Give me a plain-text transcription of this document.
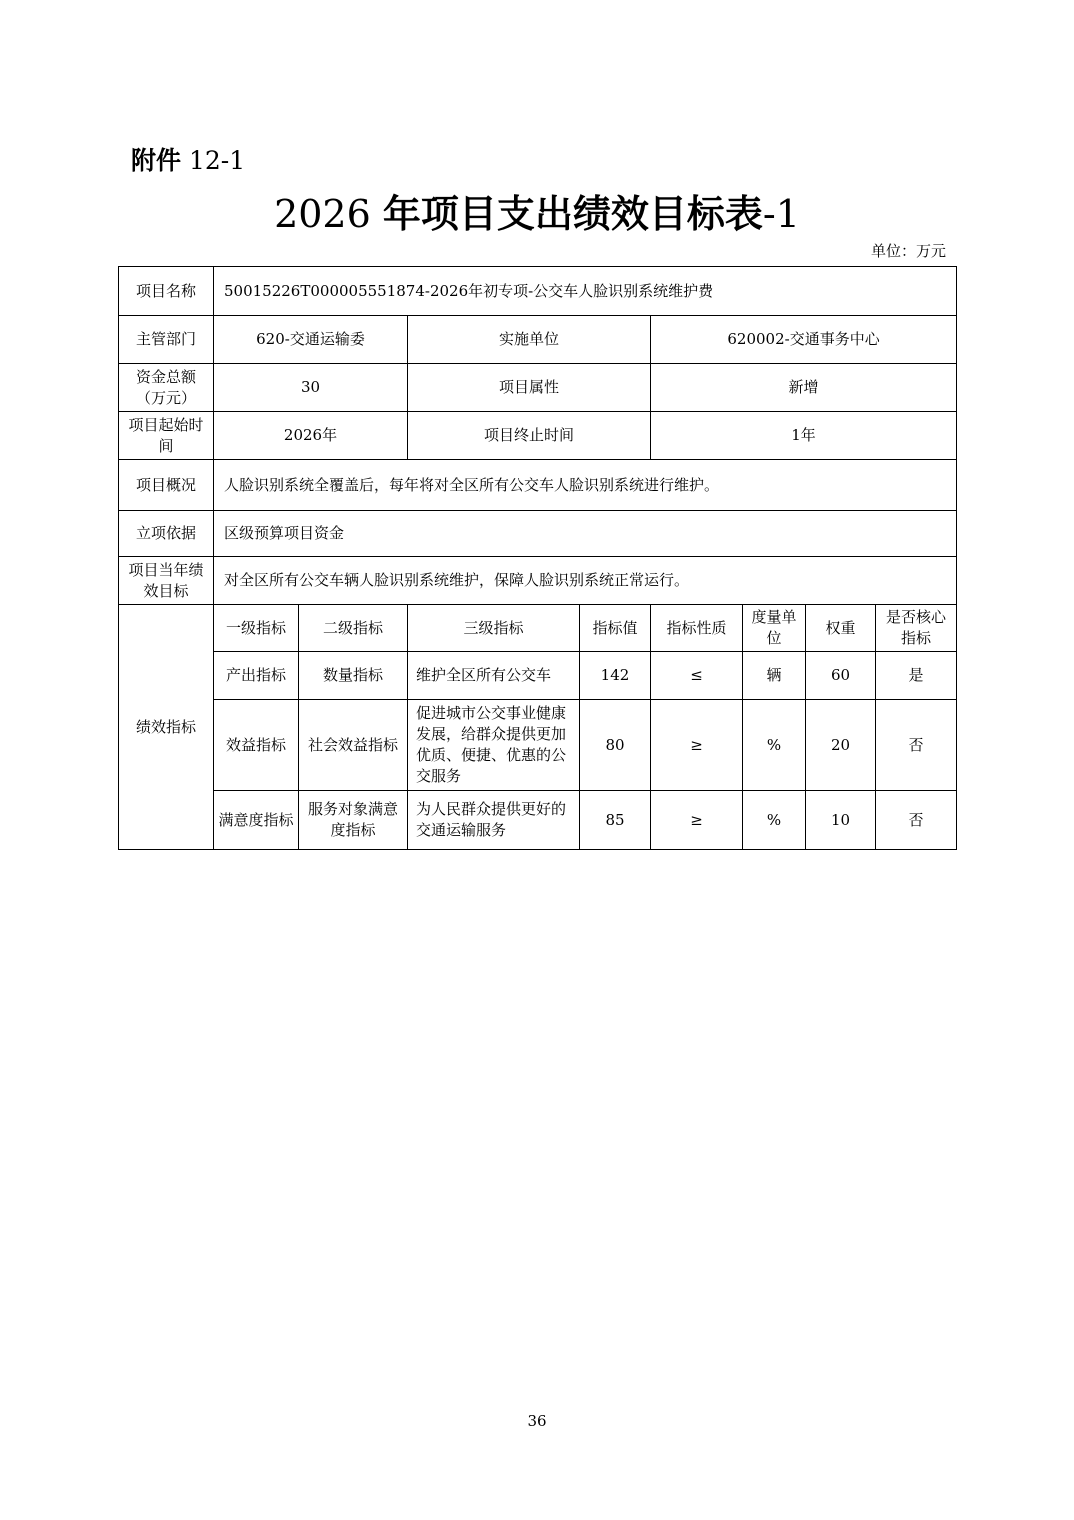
附件 12-1
2026 年项目支出绩效目标表-1
单位：万元
项目名称	50015226T000005551874-2026年初专项-公交车人脸识别系统维护费							
主管部门	620-交通运输委		实施单位		620002-交通事务中心			
资金总额（万元）	30		项目属性		新增			
项目起始时间	2026年		项目终止时间		1年			
项目概况	人脸识别系统全覆盖后，每年将对全区所有公交车人脸识别系统进行维护。							
立项依据	区级预算项目资金							
项目当年绩效目标	对全区所有公交车辆人脸识别系统维护，保障人脸识别系统正常运行。							
绩效指标	一级指标	二级指标	三级指标	指标值	指标性质	度量单位	权重	是否核心指标
	产出指标	数量指标	维护全区所有公交车	142	≤	辆	60	是
	效益指标	社会效益指标	促进城市公交事业健康发展，给群众提供更加优质、便捷、优惠的公交服务	80	≥	%	20	否
	满意度指标	服务对象满意度指标	为人民群众提供更好的交通运输服务	85	≥	%	10	否
36
